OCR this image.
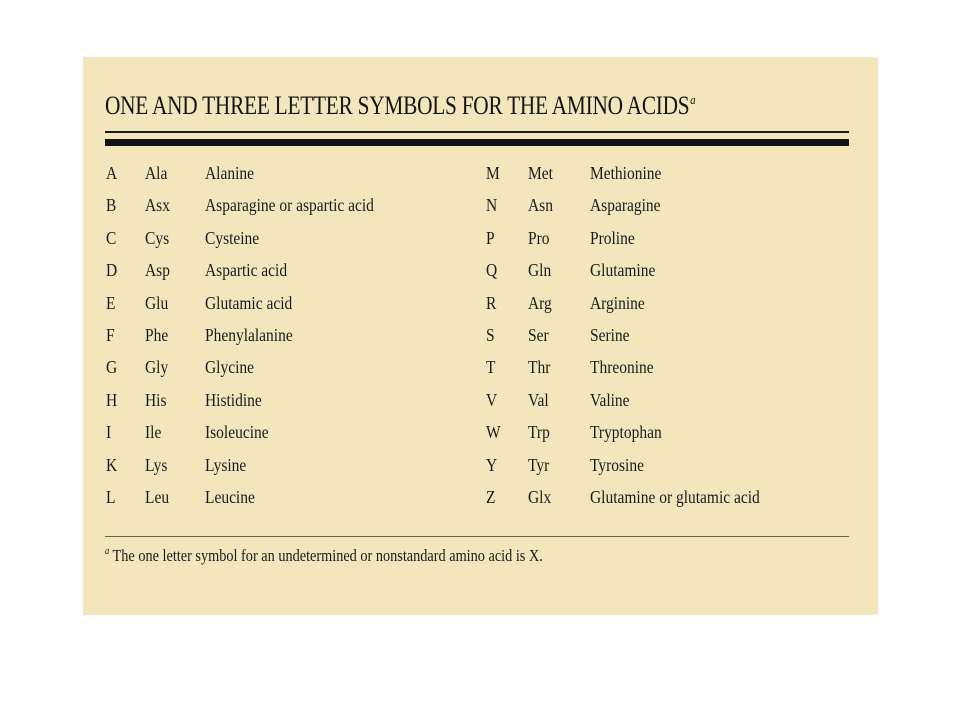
ONE AND THREE LETTER SYMBOLS FOR THE AMINO ACIDS$^a$
A Ala Alanine
B Asx Asparagine or aspartic acid
C Cys Cysteine
D Asp Aspartic acid
E Glu Glutamic acid
F Phe Phenylalanine
G Gly Glycine
H His Histidine
I Ile Isoleucine
K Lys Lysine
L Leu Leucine
M Met Methionine
N Asn Asparagine
P Pro Proline
Q Gln Glutamine
R Arg Arginine
S Ser Serine
T Thr Threonine
V Val Valine
W Trp Tryptophan
Y Tyr Tyrosine
Z Glx Glutamine or glutamic acid
$^a$ The one letter symbol for an undetermined or nonstandard amino acid is X.
